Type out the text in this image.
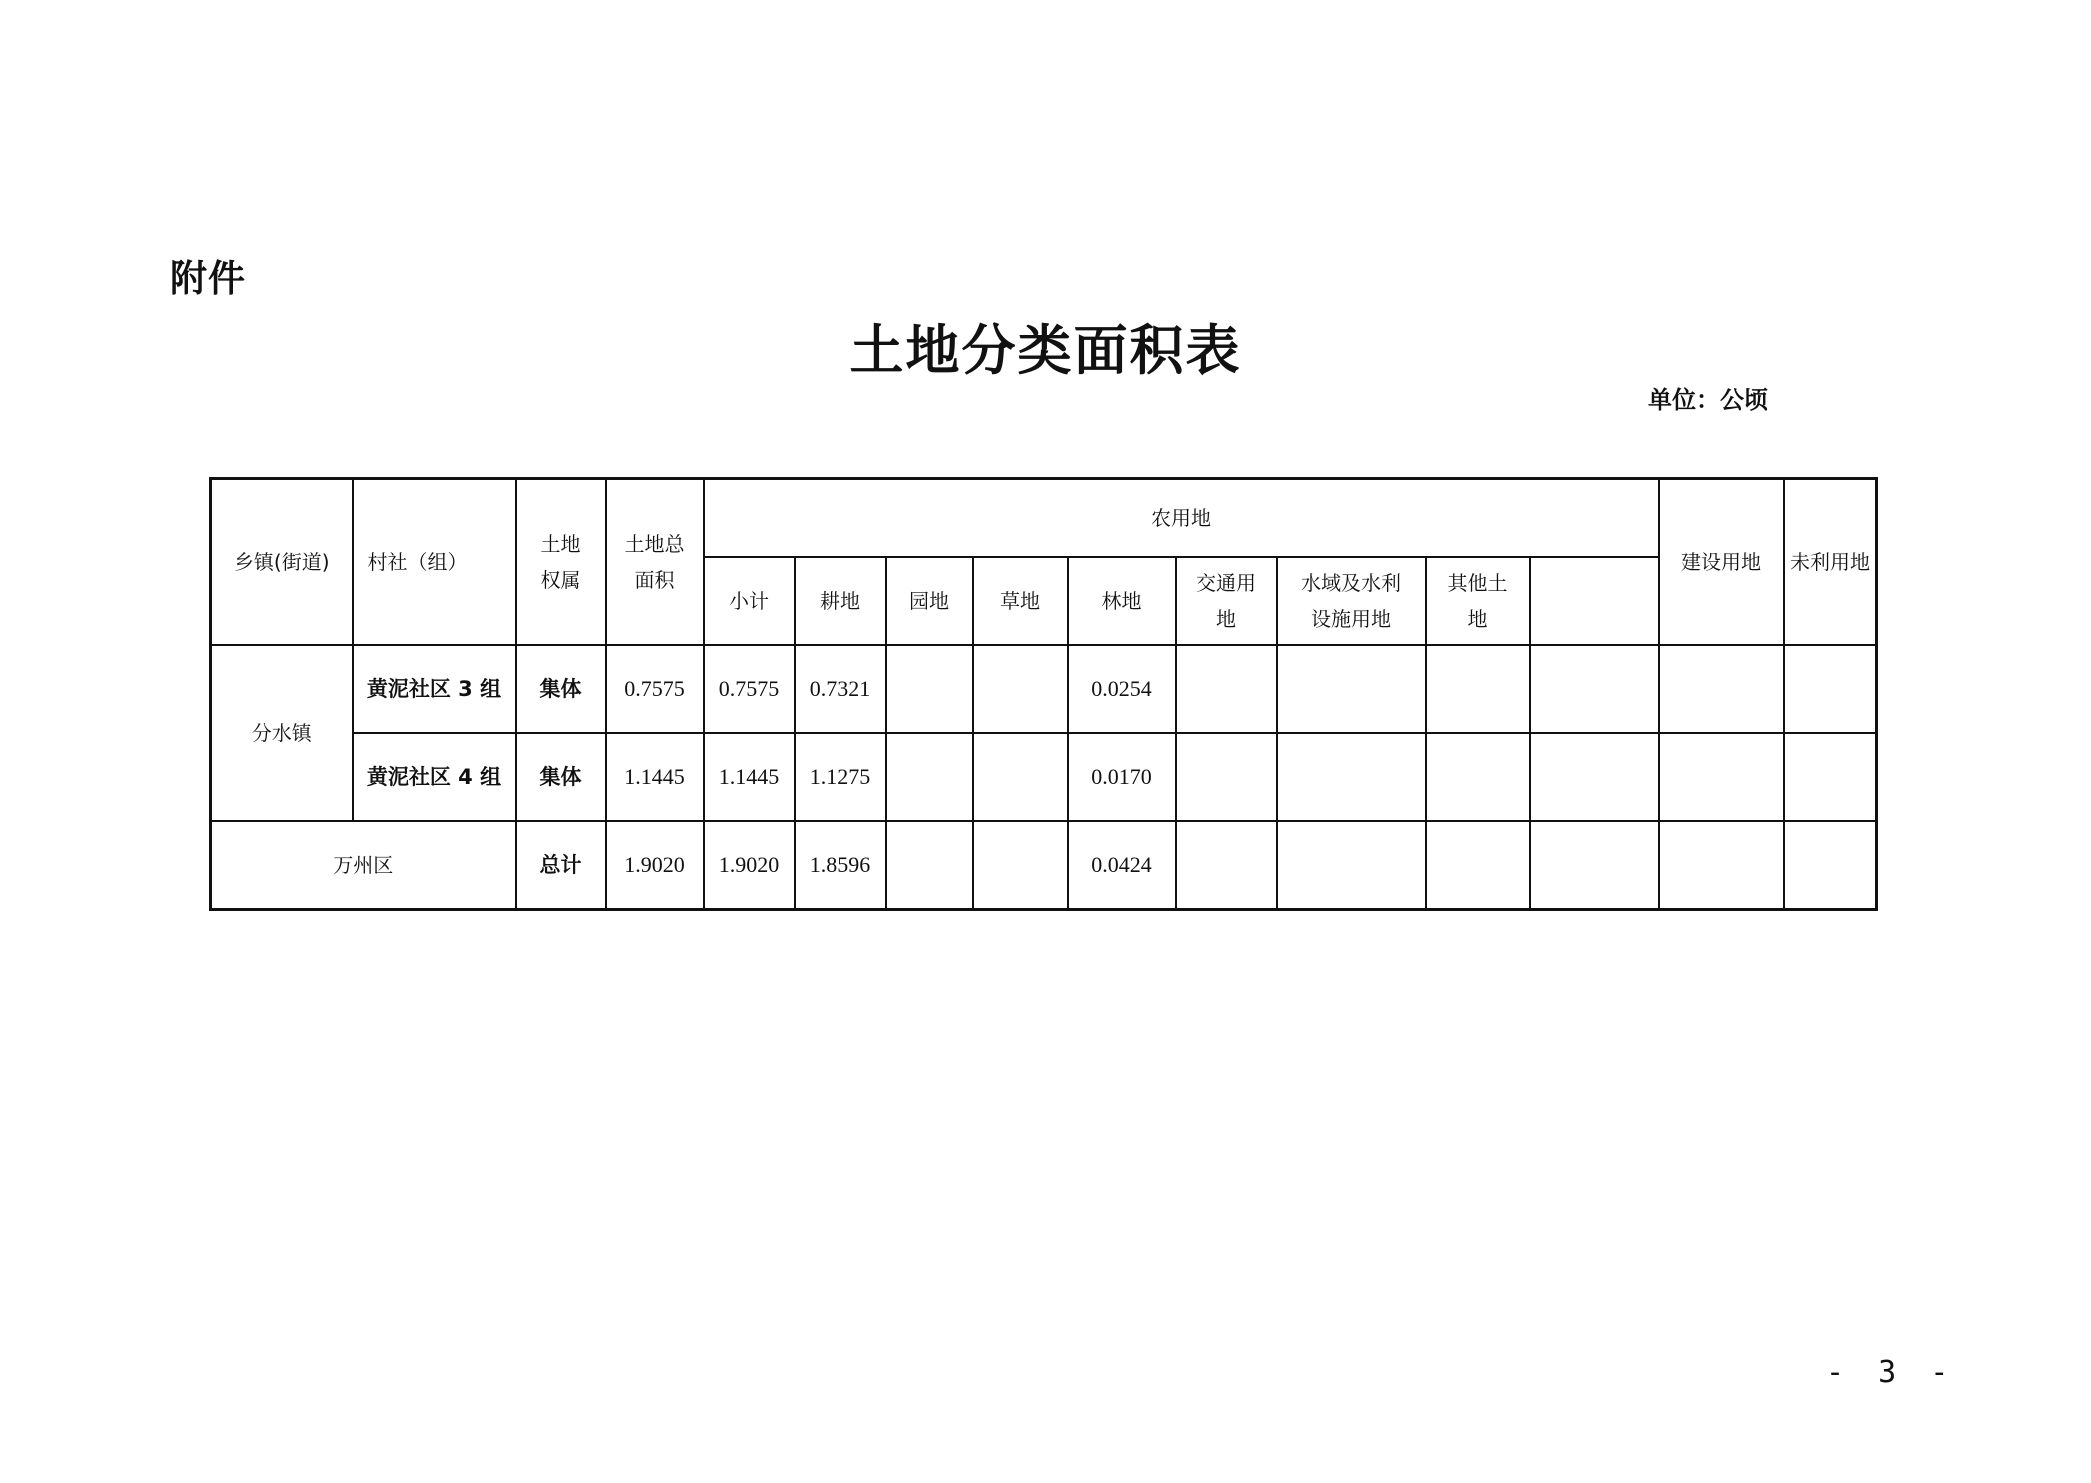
附件
土地分类面积表
单位：公顷
乡镇(街道)	村社（组）	土地权属	土地总面积	农用地									建设用地	未利用地	
				小计	耕地	园地	草地	林地	交通用地	水域及水利设施用地	其他土地				
分水镇	黄泥社区 3 组	集体	0.7575	0.7575	0.7321			0.0254							
	黄泥社区 4 组	集体	1.1445	1.1445	1.1275			0.0170							
万州区		总计	1.9020	1.9020	1.8596			0.0424							
- 3 -
